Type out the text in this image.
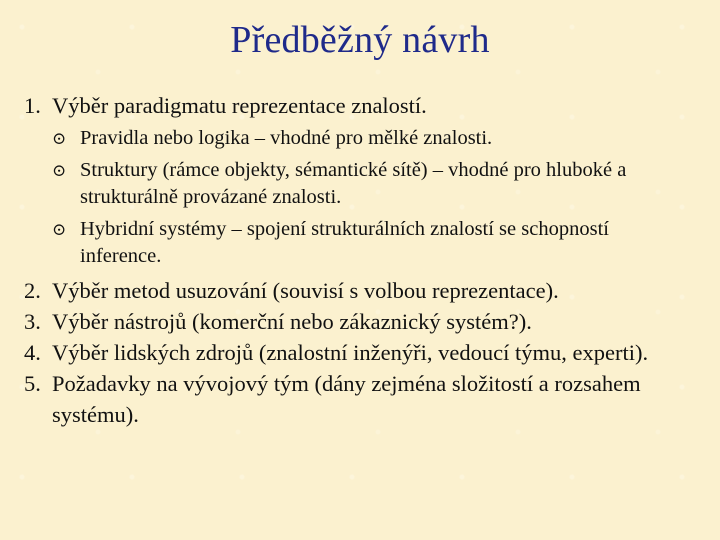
Předběžný návrh
1. Výběr paradigmatu reprezentace znalostí.
⊙ Pravidla nebo logika – vhodné pro mělké znalosti.
⊙ Struktury (rámce objekty, sémantické sítě) – vhodné pro hluboké a strukturálně provázané znalosti.
⊙ Hybridní systémy – spojení strukturálních znalostí se schopností inference.
2. Výběr metod usuzování (souvisí s volbou reprezentace).
3. Výběr nástrojů (komerční nebo zákaznický systém?).
4. Výběr lidských zdrojů (znalostní inženýři, vedoucí týmu, experti).
5. Požadavky na vývojový tým (dány zejména složitostí a rozsahem systému).
